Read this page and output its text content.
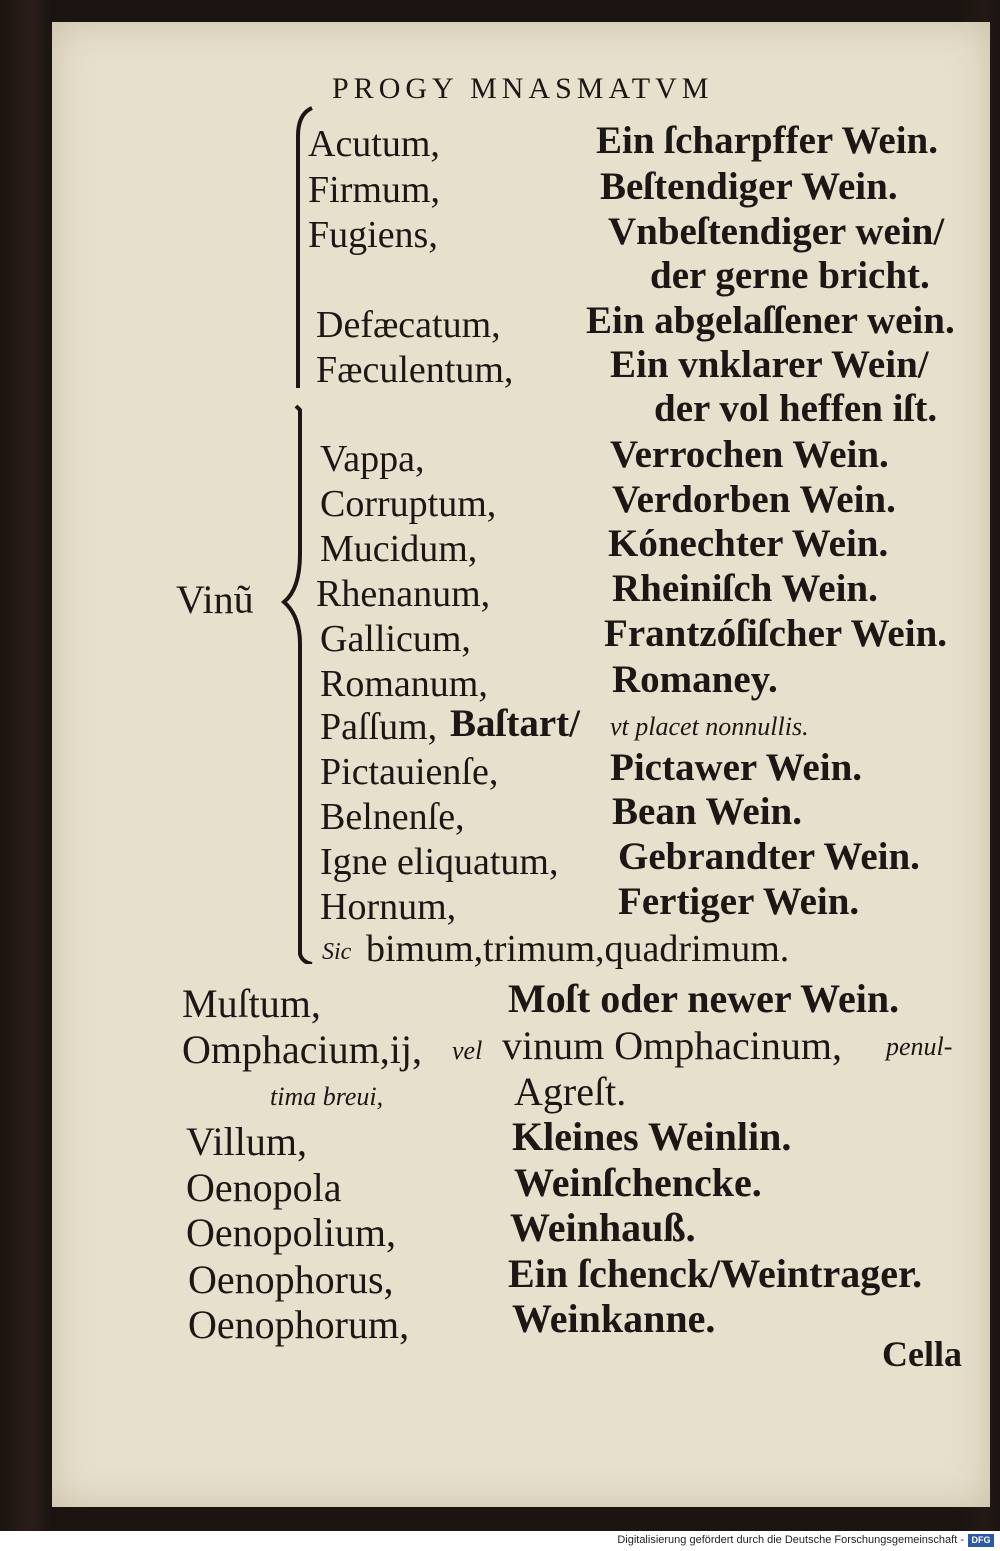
PROGY MNASMATVM
Vinũ
Acutum,	Ein ſcharpffer Wein.
Firmum,	Beſtendiger Wein.
Fugiens,	Vnbeſtendiger wein/
der gerne bricht.
Defæcatum, Ein abgelaſſener wein.
Fæculentum, Ein vnklarer Wein/
der vol heffen iſt.
Vappa,	Verrochen Wein.
Corruptum,	Verdorben Wein.
Mucidum,	Kónechter Wein.
Rhenanum,	Rheiniſch Wein.
Gallicum,	Frantzóſiſcher Wein.
Romanum,	Romaney.
Paſſum, Baſtart/ vt placet nonnullis.
Pictauienſe,	Pictawer Wein.
Belnenſe,	Bean Wein.
Igne eliquatum, Gebrandter Wein.
Hornum,	Fertiger Wein.
Sic bimum,trimum,quadrimum.
Muſtum,	Moſt oder newer Wein.
Omphacium,ij, vel vinum Omphacinum, penul-
tima breui,	Agreſt.
Villum,	Kleines Weinlin.
Oenopola	Weinſchencke.
Oenopolium,	Weinhauß.
Oenophorus,	Ein ſchenck/Weintrager.
Oenophorum,	Weinkanne.
Cella
Digitalisierung gefördert durch die Deutsche Forschungsgemeinschaft - DFG
